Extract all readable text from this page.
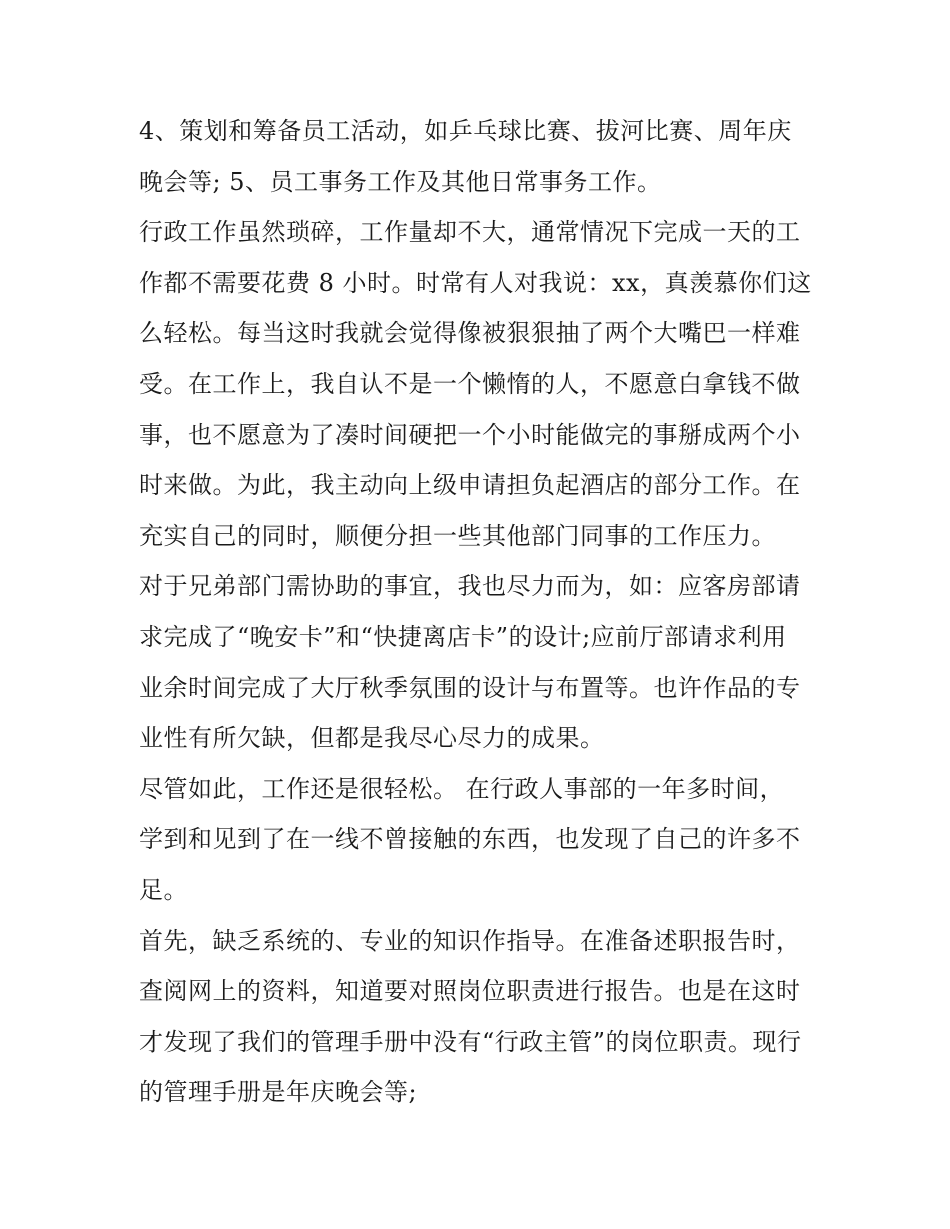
4、策划和筹备员工活动，如乒乓球比赛、拔河比赛、周年庆
晚会等; 5、员工事务工作及其他日常事务工作。
行政工作虽然琐碎，工作量却不大，通常情况下完成一天的工
作都不需要花费 8 小时。时常有人对我说：xx，真羡慕你们这
么轻松。每当这时我就会觉得像被狠狠抽了两个大嘴巴一样难
受。在工作上，我自认不是一个懒惰的人，不愿意白拿钱不做
事，也不愿意为了凑时间硬把一个小时能做完的事掰成两个小
时来做。为此，我主动向上级申请担负起酒店的部分工作。在
充实自己的同时，顺便分担一些其他部门同事的工作压力。
对于兄弟部门需协助的事宜，我也尽力而为，如：应客房部请
求完成了“晚安卡”和“快捷离店卡”的设计;应前厅部请求利用
业余时间完成了大厅秋季氛围的设计与布置等。也许作品的专
业性有所欠缺，但都是我尽心尽力的成果。
尽管如此，工作还是很轻松。 在行政人事部的一年多时间，
学到和见到了在一线不曾接触的东西，也发现了自己的许多不
足。
首先，缺乏系统的、专业的知识作指导。在准备述职报告时，
查阅网上的资料，知道要对照岗位职责进行报告。也是在这时
才发现了我们的管理手册中没有“行政主管”的岗位职责。现行
的管理手册是年庆晚会等;
